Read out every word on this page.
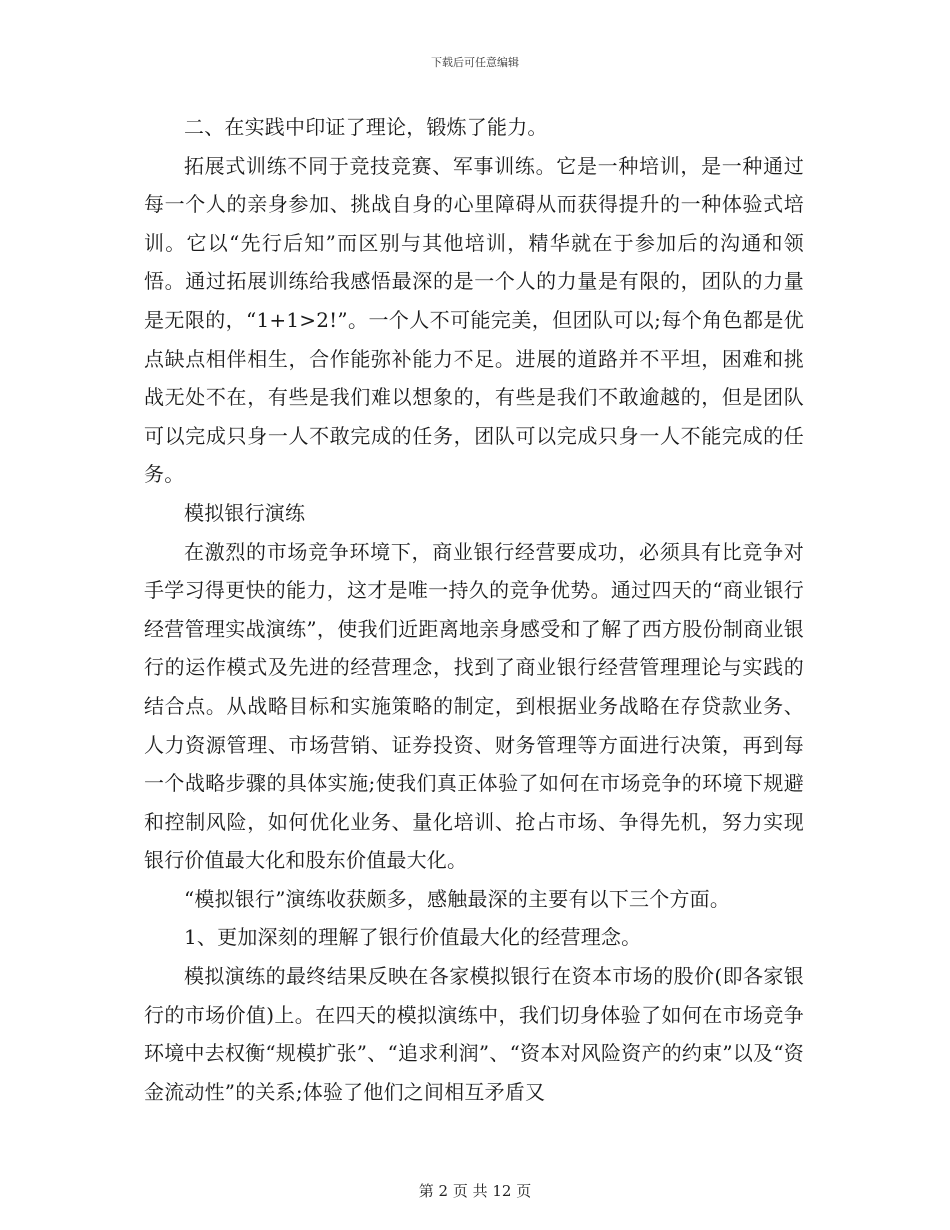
下载后可任意编辑

二、在实践中印证了理论，锻炼了能力。

拓展式训练不同于竞技竞赛、军事训练。它是一种培训，是一种通过每一个人的亲身参加、挑战自身的心里障碍从而获得提升的一种体验式培训。它以“先行后知”而区别与其他培训，精华就在于参加后的沟通和领悟。通过拓展训练给我感悟最深的是一个人的力量是有限的，团队的力量是无限的，“1+1>2!”。一个人不可能完美，但团队可以;每个角色都是优点缺点相伴相生，合作能弥补能力不足。进展的道路并不平坦，困难和挑战无处不在，有些是我们难以想象的，有些是我们不敢逾越的，但是团队可以完成只身一人不敢完成的任务，团队可以完成只身一人不能完成的任务。

模拟银行演练

在激烈的市场竞争环境下，商业银行经营要成功，必须具有比竞争对手学习得更快的能力，这才是唯一持久的竞争优势。通过四天的“商业银行经营管理实战演练”，使我们近距离地亲身感受和了解了西方股份制商业银行的运作模式及先进的经营理念，找到了商业银行经营管理理论与实践的结合点。从战略目标和实施策略的制定，到根据业务战略在存贷款业务、人力资源管理、市场营销、证券投资、财务管理等方面进行决策，再到每一个战略步骤的具体实施;使我们真正体验了如何在市场竞争的环境下规避和控制风险，如何优化业务、量化培训、抢占市场、争得先机，努力实现银行价值最大化和股东价值最大化。

“模拟银行”演练收获颇多，感触最深的主要有以下三个方面。

1、更加深刻的理解了银行价值最大化的经营理念。

模拟演练的最终结果反映在各家模拟银行在资本市场的股价(即各家银行的市场价值)上。在四天的模拟演练中，我们切身体验了如何在市场竞争环境中去权衡“规模扩张”、“追求利润”、“资本对风险资产的约束”以及“资金流动性”的关系;体验了他们之间相互矛盾又

第 2 页 共 12 页
